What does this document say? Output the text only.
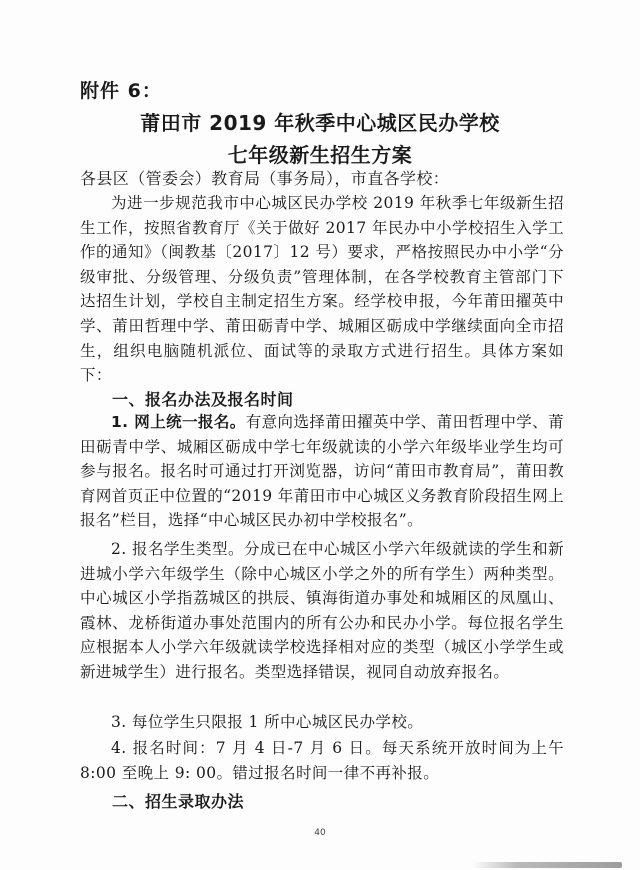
附件 6：
莆田市 2019 年秋季中心城区民办学校
七年级新生招生方案
各县区（管委会）教育局（事务局），市直各学校：

为进一步规范我市中心城区民办学校 2019 年秋季七年级新生招生工作，按照省教育厅《关于做好 2017 年民办中小学校招生入学工作的通知》（闽教基〔2017〕12 号）要求，严格按照民办中小学“分级审批、分级管理、分级负责”管理体制，在各学校教育主管部门下达招生计划，学校自主制定招生方案。经学校申报，今年莆田擢英中学、莆田哲理中学、莆田砺青中学、城厢区砺成中学继续面向全市招生，组织电脑随机派位、面试等的录取方式进行招生。具体方案如下：

一、报名办法及报名时间

1. 网上统一报名。有意向选择莆田擢英中学、莆田哲理中学、莆田砺青中学、城厢区砺成中学七年级就读的小学六年级毕业学生均可参与报名。报名时可通过打开浏览器，访问“莆田市教育局”，莆田教育网首页正中位置的“2019 年莆田市中心城区义务教育阶段招生网上报名”栏目，选择“中心城区民办初中学校报名”。

2. 报名学生类型。分成已在中心城区小学六年级就读的学生和新进城小学六年级学生（除中心城区小学之外的所有学生）两种类型。中心城区小学指荔城区的拱辰、镇海街道办事处和城厢区的凤凰山、霞林、龙桥街道办事处范围内的所有公办和民办小学。每位报名学生应根据本人小学六年级就读学校选择相对应的类型（城区小学学生或新进城学生）进行报名。类型选择错误，视同自动放弃报名。

3. 每位学生只限报 1 所中心城区民办学校。

4. 报名时间：7 月 4 日-7 月 6 日。每天系统开放时间为上午 8:00 至晚上 9: 00。错过报名时间一律不再补报。

二、招生录取办法
40
